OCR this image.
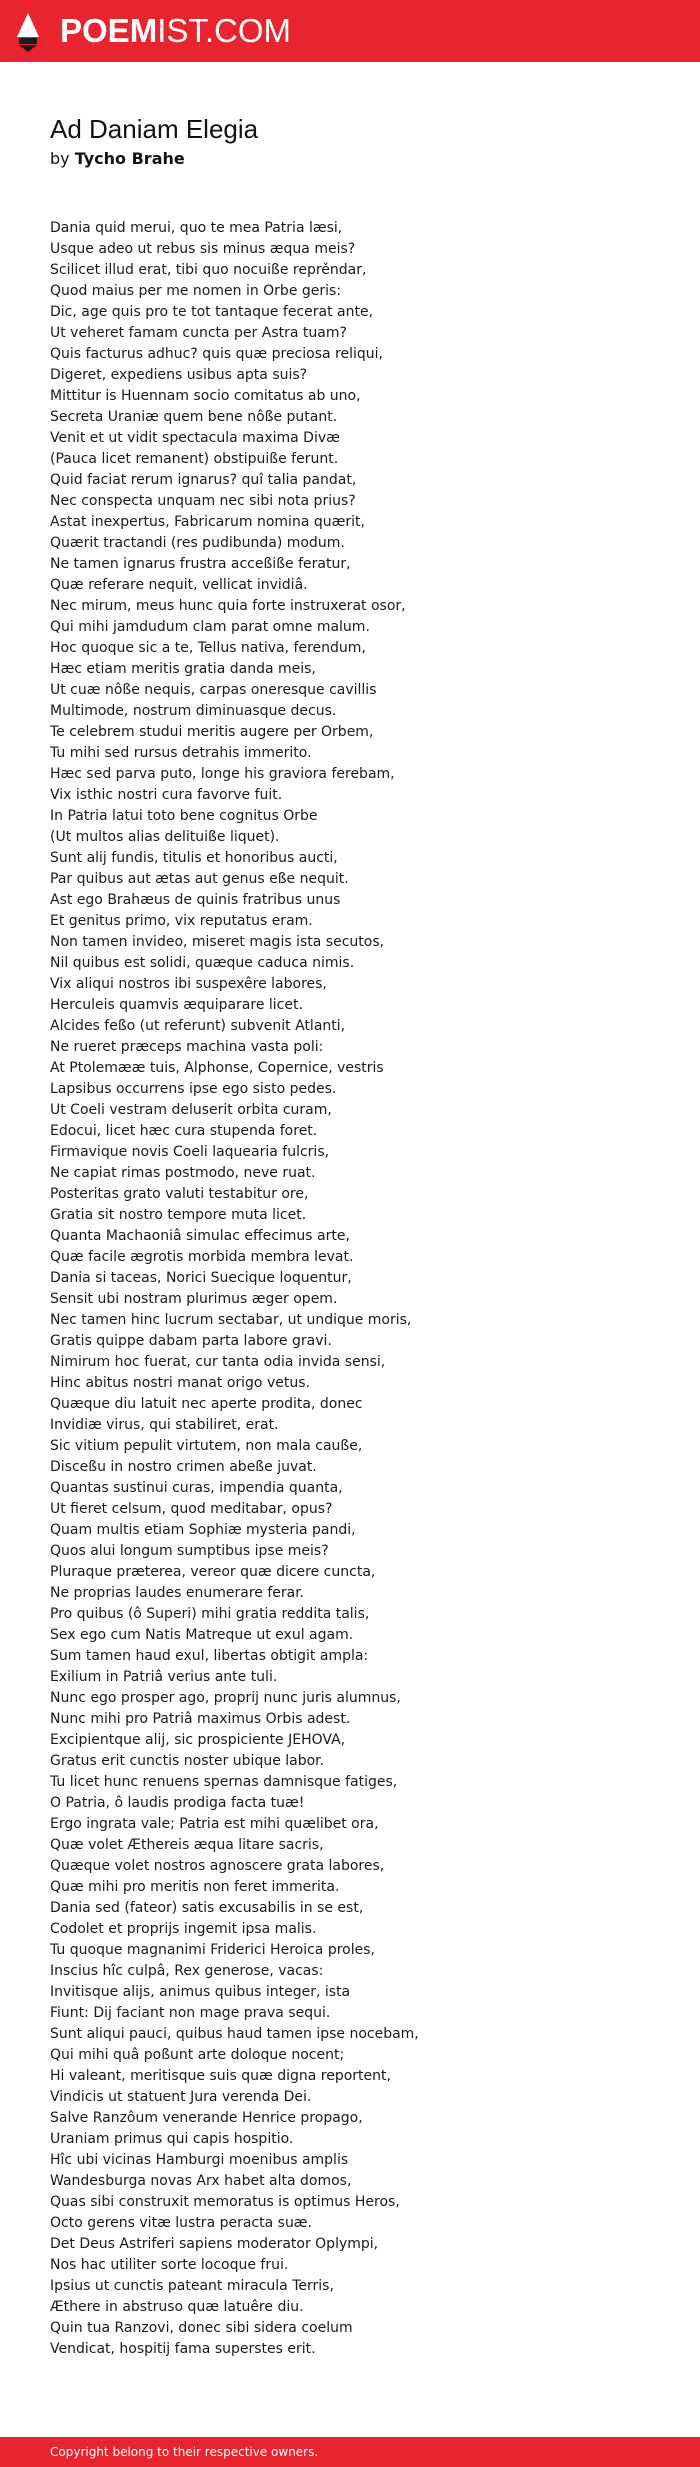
POEMIST.COM
Ad Daniam Elegia
by Tycho Brahe
Dania quid merui, quo te mea Patria læsi,
Usque adeo ut rebus sis minus æqua meis?
Scilicet illud erat, tibi quo nocuiße reprěndar,
Quod maius per me nomen in Orbe geris:
Dic, age quis pro te tot tantaque fecerat ante,
Ut veheret famam cuncta per Astra tuam?
Quis facturus adhuc? quis quæ preciosa reliqui,
Digeret, expediens usibus apta suis?
Mittitur is Huennam socio comitatus ab uno,
Secreta Uraniæ quem bene nôße putant.
Venit et ut vidit spectacula maxima Divæ
(Pauca licet remanent) obstipuiße ferunt.
Quid faciat rerum ignarus? quî talia pandat,
Nec conspecta unquam nec sibi nota prius?
Astat inexpertus, Fabricarum nomina quærit,
Quærit tractandi (res pudibunda) modum.
Ne tamen ignarus frustra acceßiße feratur,
Quæ referare nequit, vellicat invidiâ.
Nec mirum, meus hunc quia forte instruxerat osor,
Qui mihi jamdudum clam parat omne malum.
Hoc quoque sic a te, Tellus nativa, ferendum,
Hæc etiam meritis gratia danda meis,
Ut cuæ nôße nequis, carpas oneresque cavillis
Multimode, nostrum diminuasque decus.
Te celebrem studui meritis augere per Orbem,
Tu mihi sed rursus detrahis immerito.
Hæc sed parva puto, longe his graviora ferebam,
Vix isthic nostri cura favorve fuit.
In Patria latui toto bene cognitus Orbe
(Ut multos alias delituiße liquet).
Sunt alij fundis, titulis et honoribus aucti,
Par quibus aut ætas aut genus eße nequit.
Ast ego Brahæus de quinis fratribus unus
Et genitus primo, vix reputatus eram.
Non tamen invideo, miseret magis ista secutos,
Nil quibus est solidi, quæque caduca nimis.
Vix aliqui nostros ibi suspexêre labores,
Herculeis quamvis æquiparare licet.
Alcides feßo (ut referunt) subvenit Atlanti,
Ne rueret præceps machina vasta poli:
At Ptolemææ tuis, Alphonse, Copernice, vestris
Lapsibus occurrens ipse ego sisto pedes.
Ut Coeli vestram deluserit orbita curam,
Edocui, licet hæc cura stupenda foret.
Firmavique novis Coeli laquearia fulcris,
Ne capiat rimas postmodo, neve ruat.
Posteritas grato valuti testabitur ore,
Gratia sit nostro tempore muta licet.
Quanta Machaoniâ simulac effecimus arte,
Quæ facile ægrotis morbida membra levat.
Dania si taceas, Norici Suecique loquentur,
Sensit ubi nostram plurimus æger opem.
Nec tamen hinc lucrum sectabar, ut undique moris,
Gratis quippe dabam parta labore gravi.
Nimirum hoc fuerat, cur tanta odia invida sensi,
Hinc abitus nostri manat origo vetus.
Quæque diu latuit nec aperte prodita, donec
Invidiæ virus, qui stabiliret, erat.
Sic vitium pepulit virtutem, non mala cauße,
Disceßu in nostro crimen abeße juvat.
Quantas sustinui curas, impendia quanta,
Ut fieret celsum, quod meditabar, opus?
Quam multis etiam Sophiæ mysteria pandi,
Quos alui longum sumptibus ipse meis?
Pluraque præterea, vereor quæ dicere cuncta,
Ne proprias laudes enumerare ferar.
Pro quibus (ô Superi) mihi gratia reddita talis,
Sex ego cum Natis Matreque ut exul agam.
Sum tamen haud exul, libertas obtigit ampla:
Exilium in Patriâ verius ante tuli.
Nunc ego prosper ago, proprij nunc juris alumnus,
Nunc mihi pro Patriâ maximus Orbis adest.
Excipientque alij, sic prospiciente JEHOVA,
Gratus erit cunctis noster ubique labor.
Tu licet hunc renuens spernas damnisque fatiges,
O Patria, ô laudis prodiga facta tuæ!
Ergo ingrata vale; Patria est mihi quælibet ora,
Quæ volet Æthereis æqua litare sacris,
Quæque volet nostros agnoscere grata labores,
Quæ mihi pro meritis non feret immerita.
Dania sed (fateor) satis excusabilis in se est,
Codolet et proprijs ingemit ipsa malis.
Tu quoque magnanimi Friderici Heroica proles,
Inscius hîc culpâ, Rex generose, vacas:
Invitisque alijs, animus quibus integer, ista
Fiunt: Dij faciant non mage prava sequi.
Sunt aliqui pauci, quibus haud tamen ipse nocebam,
Qui mihi quâ poßunt arte doloque nocent;
Hi valeant, meritisque suis quæ digna reportent,
Vindicis ut statuent Jura verenda Dei.
Salve Ranzôum venerande Henrice propago,
Uraniam primus qui capis hospitio.
Hîc ubi vicinas Hamburgi moenibus amplis
Wandesburga novas Arx habet alta domos,
Quas sibi construxit memoratus is optimus Heros,
Octo gerens vitæ lustra peracta suæ.
Det Deus Astriferi sapiens moderator Oplympi,
Nos hac utiliter sorte locoque frui.
Ipsius ut cunctis pateant miracula Terris,
Æthere in abstruso quæ latuêre diu.
Quin tua Ranzovi, donec sibi sidera coelum
Vendicat, hospitij fama superstes erit.
Copyright belong to their respective owners.
